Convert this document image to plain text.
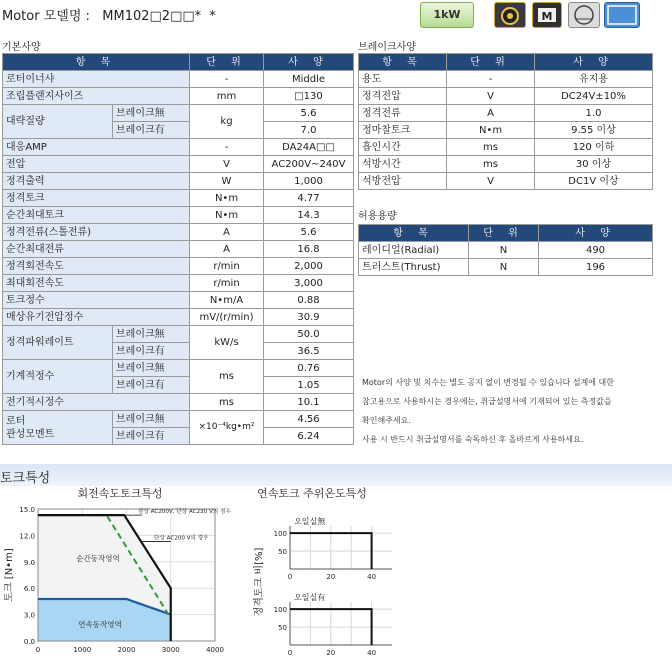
Motor 모델명 :   MM102□2□□*  *	1kW	M
기본사양
항 목		단 위	사 양
로터이너샤		-	Middle
조립플랜지사이즈		mm	□130
대략질량	브레이크無	kg	5.6
	브레이크有		7.0
대응AMP		-	DA24A□□
전압		V	AC200V~240V
정격출력		W	1,000
정격토크		N•m	4.77
순간최대토크		N•m	14.3
정격전류(스톨전류)		A	5.6
순간최대전류		A	16.8
정격회전속도		r/min	2,000
최대회전속도		r/min	3,000
토크정수		N•m/A	0.88
매상유기전압정수		mV/(r/min)	30.9
정격파워레이트	브레이크無	kW/s	50.0
	브레이크有		36.5
기계적정수	브레이크無	ms	0.76
	브레이크有		1.05
전기적시정수		ms	10.1
로터
관성모멘트	브레이크無	×10⁻⁴kg•m²	4.56
	브레이크有		6.24
브레이크사양
항 목	단 위	사 양
용도	-	유지용
정격전압	V	DC24V±10%
정격전류	A	1.0
정마찰토크	N•m	9.55 이상
흡인시간	ms	120 이하
석방시간	ms	30 이상
석방전압	V	DC1V 이상
허용용량
항 목	단 위	사 양
레이디얼(Radial)	N	490
트러스트(Thrust)	N	196
Motor의 사양 및 치수는 별도 공지 없이 변경될 수 있습니다 설계에 대한
참고용으로 사용하시는 경우에는, 취급설명서에 기재되어 있는 측정값을
확인해주세요.
사용 시 반드시 취급설명서를 숙독하신 후 올바르게 사용하세요.
토크특성
회전속도토크특성
토크 [N•m]
0.0
3.0
6.0
9.0
12.0
15.0
0	1000	2000	3000	4000
삼상 AC200V, 단상 AC230 V의 경우
단상 AC200 V의 경우
순간동작영역
연속동작영역
연속토크 주위온도특성
정격토크 비[%] 50
100
0	20	40
오일실無
50
100
0	20	40
오일실有
